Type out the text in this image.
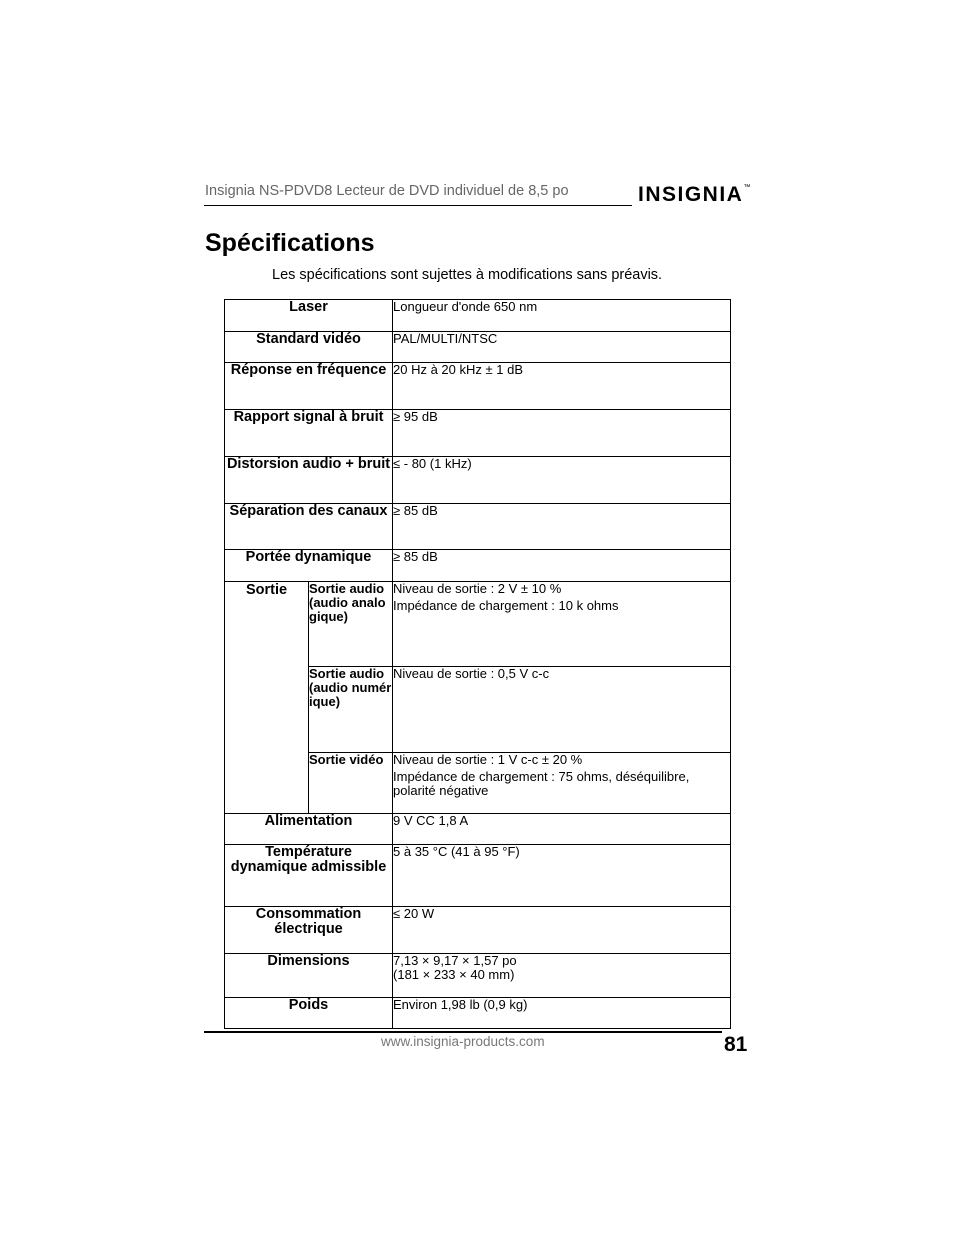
Insignia NS-PDVD8 Lecteur de DVD individuel de 8,5 po	INSIGNIA™
Spécifications
Les spécifications sont sujettes à modifications sans préavis.
Laser		Longueur d'onde 650 nm
Standard vidéo		PAL/MULTI/NTSC
Réponse en fréquence		20 Hz à 20 kHz ± 1 dB
Rapport signal à bruit		≥ 95 dB
Distorsion audio + bruit		≤ - 80 (1 kHz)
Séparation des canaux		≥ 85 dB
Portée dynamique		≥ 85 dB
Sortie	Sortie audio (audio analogique)	Niveau de sortie : 2 V ± 10 %
Impédance de chargement : 10 k ohms

	Sortie audio (audio numérique)	Niveau de sortie : 0,5 V c-c

	Sortie vidéo	Niveau de sortie : 1 V c-c ± 20 %
Impédance de chargement : 75 ohms, déséquilibre, polarité négative

Alimentation		9 V CC 1,8 A
Température dynamique admissible		5 à 35 °C (41 à 95 °F)
Consommation électrique		≤ 20 W
Dimensions		7,13 × 9,17 × 1,57 po
(181 × 233 × 40 mm)

Poids		Environ 1,98 lb (0,9 kg)
www.insignia-products.com	81
